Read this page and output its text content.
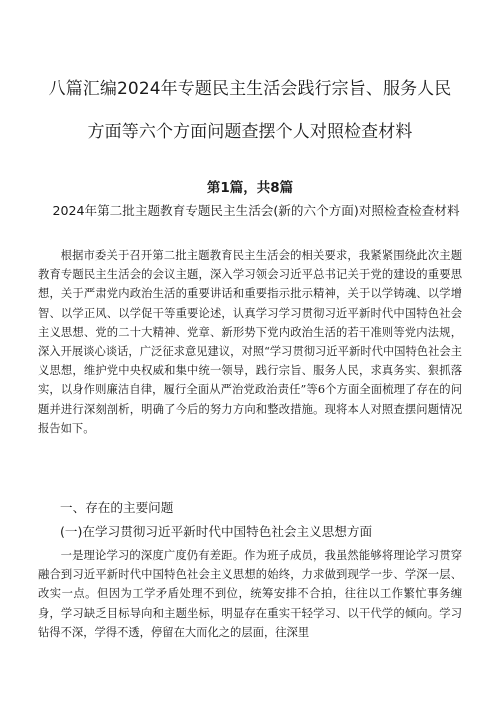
八篇汇编2024年专题民主生活会践行宗旨、服务人民
方面等六个方面问题查摆个人对照检查材料
第1篇，共8篇
2024年第二批主题教育专题民主生活会(新的六个方面)对照检查检查材料
根据市委关于召开第二批主题教育民主生活会的相关要求，我紧紧围绕此次主题教育专题民主生活会的会议主题，深入学习领会习近平总书记关于党的建设的重要思想，关于严肃党内政治生活的重要讲话和重要指示批示精神，关于以学铸魂、以学增智、以学正风、以学促干等重要论述，认真学习学习贯彻习近平新时代中国特色社会主义思想、党的二十大精神、党章、新形势下党内政治生活的若干准则等党内法规，深入开展谈心谈话，广泛征求意见建议，对照“学习贯彻习近平新时代中国特色社会主义思想，维护党中央权威和集中统一领导，践行宗旨、服务人民，求真务实、狠抓落实，以身作则廉洁自律，履行全面从严治党政治责任”等6个方面全面梳理了存在的问题并进行深刻剖析，明确了今后的努力方向和整改措施。现将本人对照查摆问题情况报告如下。
一、存在的主要问题
(一)在学习贯彻习近平新时代中国特色社会主义思想方面
一是理论学习的深度广度仍有差距。作为班子成员，我虽然能够将理论学习贯穿融合到习近平新时代中国特色社会主义思想的始终，力求做到现学一步、学深一层、改实一点。但因为工学矛盾处理不到位，统筹安排不合拍，往往以工作繁忙事务缠身，学习缺乏目标导向和主题坐标，明显存在重实干轻学习、以干代学的倾向。学习钻得不深，学得不透，停留在大而化之的层面，往深里
